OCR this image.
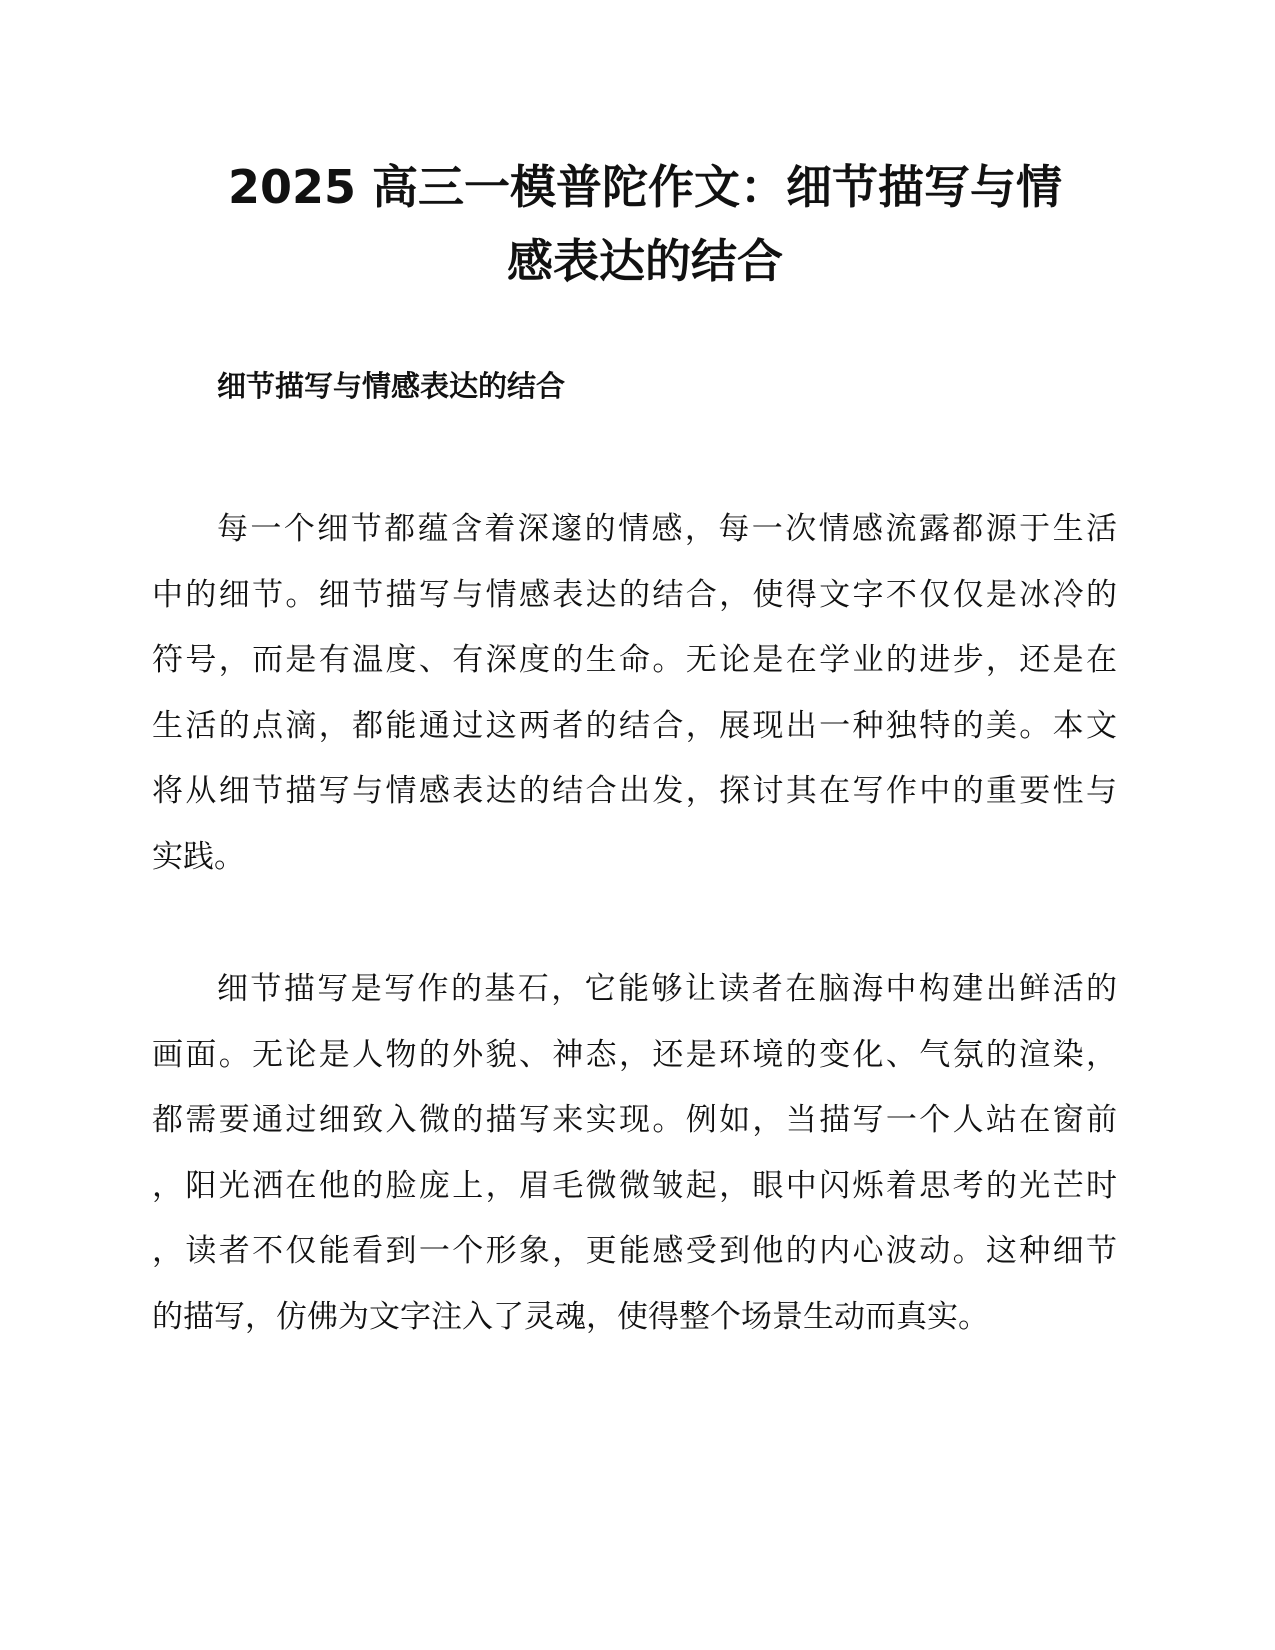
2025 高三一模普陀作文：细节描写与情
感表达的结合
细节描写与情感表达的结合

每一个细节都蕴含着深邃的情感，每一次情感流露都源于生活
中的细节。细节描写与情感表达的结合，使得文字不仅仅是冰冷的
符号，而是有温度、有深度的生命。无论是在学业的进步，还是在
生活的点滴，都能通过这两者的结合，展现出一种独特的美。本文
将从细节描写与情感表达的结合出发，探讨其在写作中的重要性与
实践。

细节描写是写作的基石，它能够让读者在脑海中构建出鲜活的
画面。无论是人物的外貌、神态，还是环境的变化、气氛的渲染，
都需要通过细致入微的描写来实现。例如，当描写一个人站在窗前
，阳光洒在他的脸庞上，眉毛微微皱起，眼中闪烁着思考的光芒时
，读者不仅能看到一个形象，更能感受到他的内心波动。这种细节
的描写，仿佛为文字注入了灵魂，使得整个场景生动而真实。
